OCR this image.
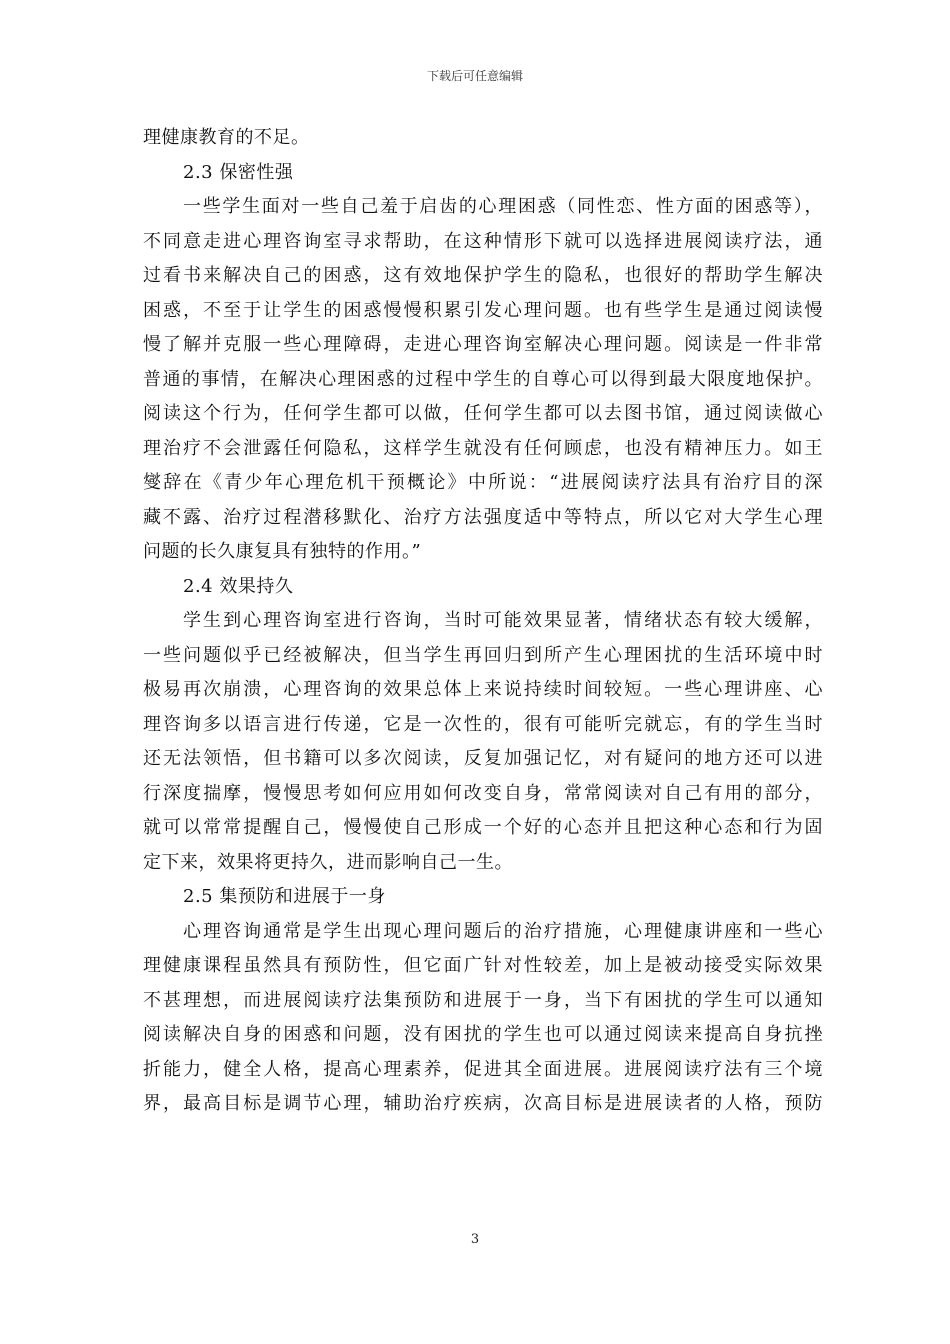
下载后可任意编辑
理健康教育的不足。
2.3 保密性强
一些学生面对一些自己羞于启齿的心理困惑（同性恋、性方面的困惑等），
不同意走进心理咨询室寻求帮助，在这种情形下就可以选择进展阅读疗法，通
过看书来解决自己的困惑，这有效地保护学生的隐私，也很好的帮助学生解决
困惑，不至于让学生的困惑慢慢积累引发心理问题。也有些学生是通过阅读慢
慢了解并克服一些心理障碍，走进心理咨询室解决心理问题。阅读是一件非常
普通的事情，在解决心理困惑的过程中学生的自尊心可以得到最大限度地保护。
阅读这个行为，任何学生都可以做，任何学生都可以去图书馆，通过阅读做心
理治疗不会泄露任何隐私，这样学生就没有任何顾虑，也没有精神压力。如王
燮辞在《青少年心理危机干预概论》中所说：“进展阅读疗法具有治疗目的深
藏不露、治疗过程潜移默化、治疗方法强度适中等特点，所以它对大学生心理
问题的长久康复具有独特的作用。”
2.4 效果持久
学生到心理咨询室进行咨询，当时可能效果显著，情绪状态有较大缓解，
一些问题似乎已经被解决，但当学生再回归到所产生心理困扰的生活环境中时
极易再次崩溃，心理咨询的效果总体上来说持续时间较短。一些心理讲座、心
理咨询多以语言进行传递，它是一次性的，很有可能听完就忘，有的学生当时
还无法领悟，但书籍可以多次阅读，反复加强记忆，对有疑问的地方还可以进
行深度揣摩，慢慢思考如何应用如何改变自身，常常阅读对自己有用的部分，
就可以常常提醒自己，慢慢使自己形成一个好的心态并且把这种心态和行为固
定下来，效果将更持久，进而影响自己一生。
2.5 集预防和进展于一身
心理咨询通常是学生出现心理问题后的治疗措施，心理健康讲座和一些心
理健康课程虽然具有预防性，但它面广针对性较差，加上是被动接受实际效果
不甚理想，而进展阅读疗法集预防和进展于一身，当下有困扰的学生可以通知
阅读解决自身的困惑和问题，没有困扰的学生也可以通过阅读来提高自身抗挫
折能力，健全人格，提高心理素养，促进其全面进展。进展阅读疗法有三个境
界，最高目标是调节心理，辅助治疗疾病，次高目标是进展读者的人格，预防
3
